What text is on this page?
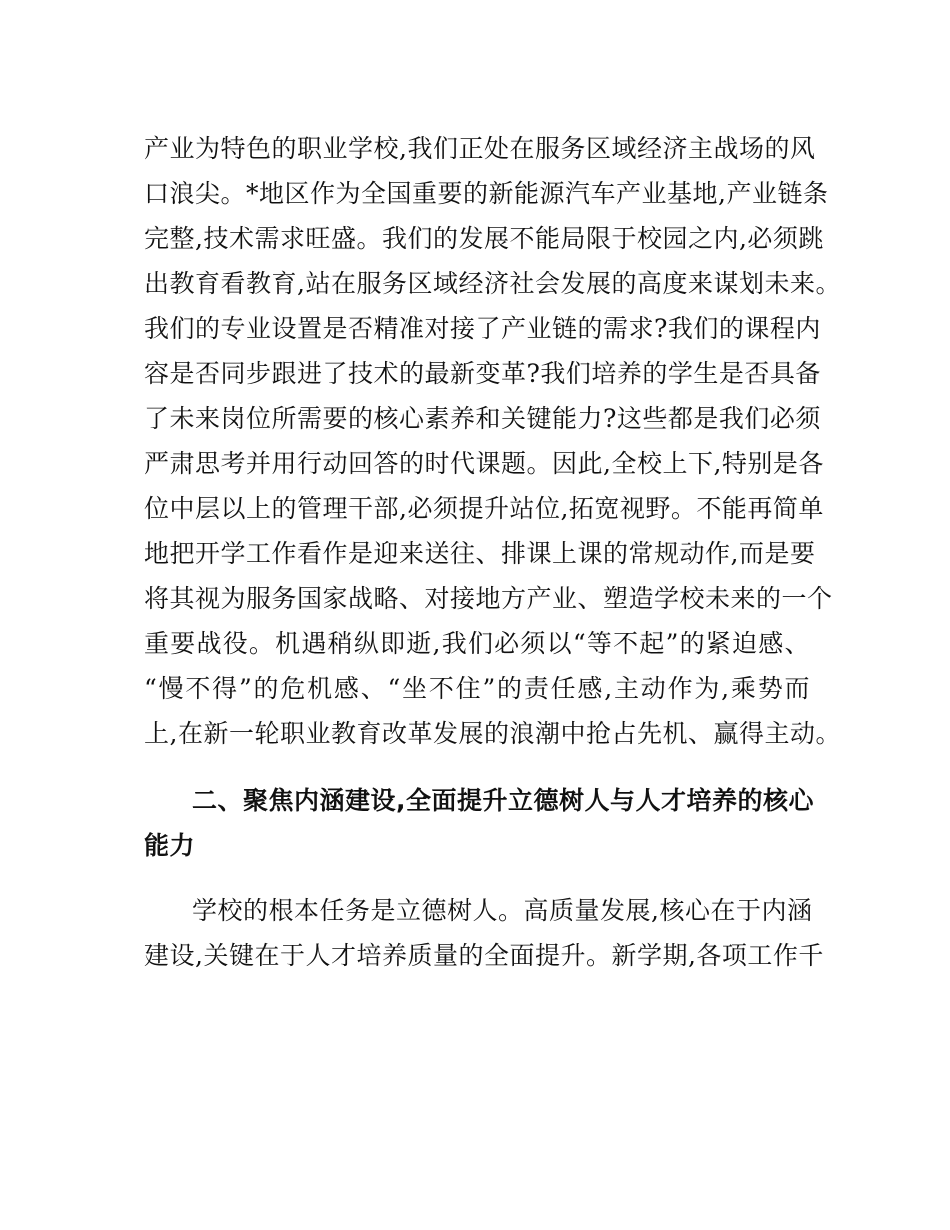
产业为特色的职业学校,我们正处在服务区域经济主战场的风
口浪尖。*地区作为全国重要的新能源汽车产业基地,产业链条
完整,技术需求旺盛。我们的发展不能局限于校园之内,必须跳
出教育看教育,站在服务区域经济社会发展的高度来谋划未来。
我们的专业设置是否精准对接了产业链的需求?我们的课程内
容是否同步跟进了技术的最新变革?我们培养的学生是否具备
了未来岗位所需要的核心素养和关键能力?这些都是我们必须
严肃思考并用行动回答的时代课题。因此,全校上下,特别是各
位中层以上的管理干部,必须提升站位,拓宽视野。不能再简单
地把开学工作看作是迎来送往、排课上课的常规动作,而是要
将其视为服务国家战略、对接地方产业、塑造学校未来的一个
重要战役。机遇稍纵即逝,我们必须以“等不起”的紧迫感、
“慢不得”的危机感、“坐不住”的责任感,主动作为,乘势而
上,在新一轮职业教育改革发展的浪潮中抢占先机、赢得主动。
二、聚焦内涵建设,全面提升立德树人与人才培养的核心
能力
学校的根本任务是立德树人。高质量发展,核心在于内涵
建设,关键在于人才培养质量的全面提升。新学期,各项工作千
